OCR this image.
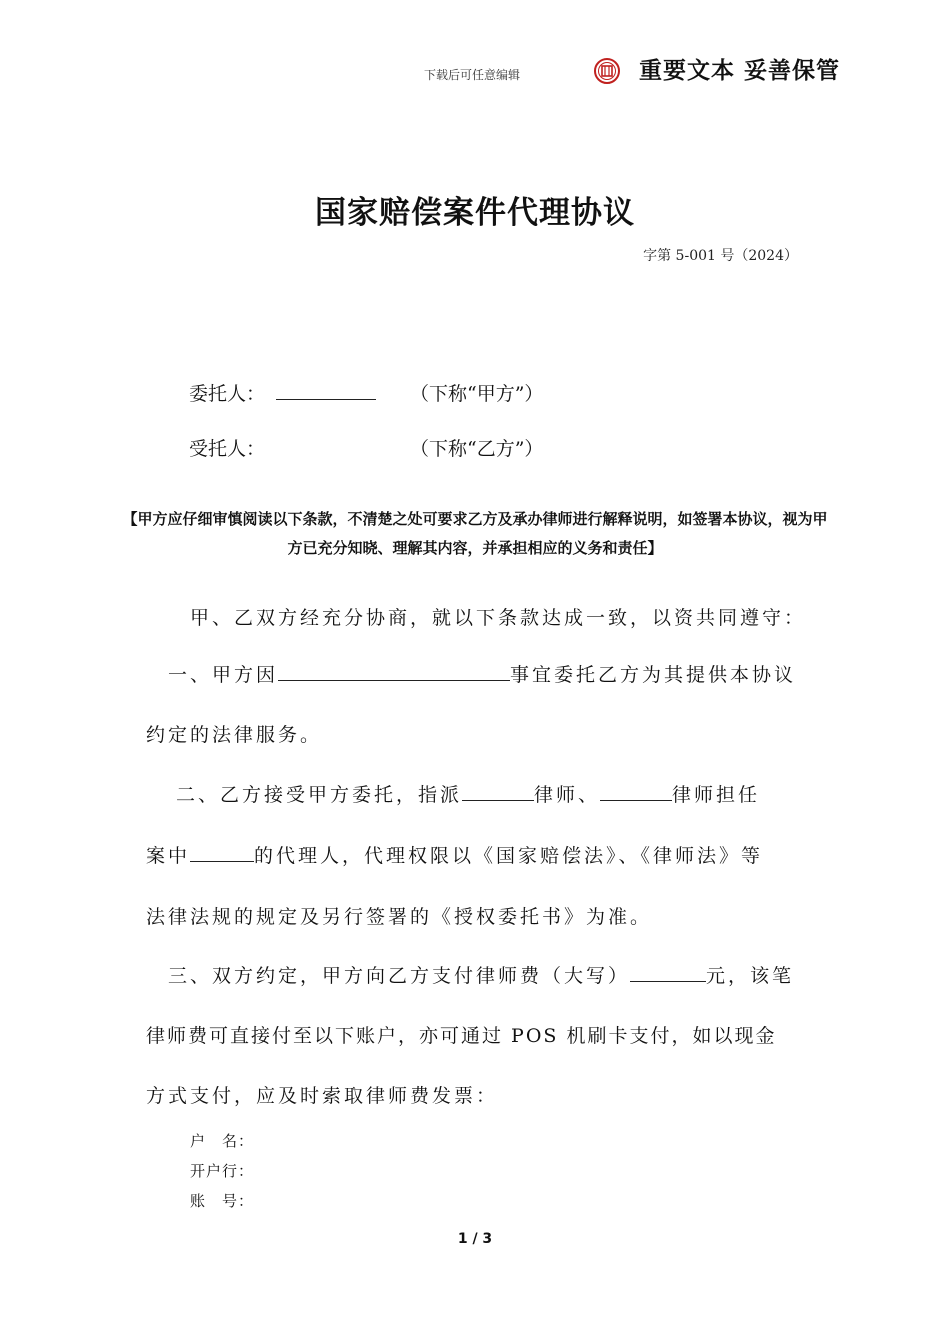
下载后可任意编辑	重要文本 妥善保管
国家赔偿案件代理协议
字第 5-001 号（2024）
委托人：	（下称“甲方”）
受托人：	（下称“乙方”）
【甲方应仔细审慎阅读以下条款，不清楚之处可要求乙方及承办律师进行解释说明，如签署本协议，视为甲方已充分知晓、理解其内容，并承担相应的义务和责任】
甲、乙双方经充分协商，就以下条款达成一致，以资共同遵守：
一、甲方因	事宜委托乙方为其提供本协议
约定的法律服务。
二、乙方接受甲方委托，指派	律师、	律师担任
案中	的代理人，代理权限以《国家赔偿法》、《律师法》等
法律法规的规定及另行签署的《授权委托书》为准。
三、双方约定，甲方向乙方支付律师费（大写）	元，该笔
律师费可直接付至以下账户，亦可通过 POS 机刷卡支付，如以现金
方式支付，应及时索取律师费发票：
户　名：
开户行：
账　号：
1 / 3
